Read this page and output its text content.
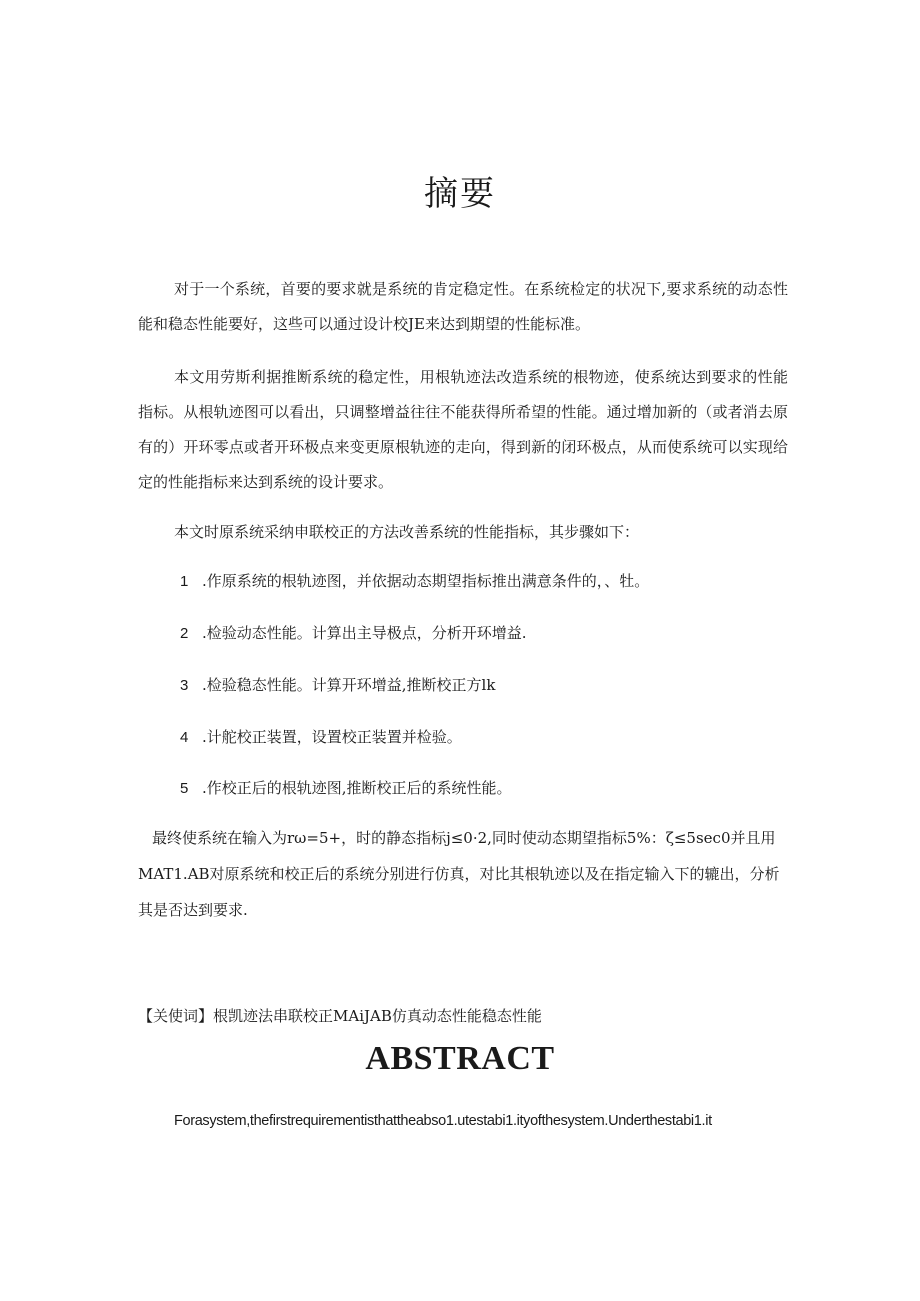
摘要

对于一个系统，首要的要求就是系统的肯定稳定性。在系统检定的状况下,要求系统的动态性能和稳态性能要好，这些可以通过设计校JE来达到期望的性能标准。

本文用劳斯利据推断系统的稳定性，用根轨迹法改造系统的根物迹，使系统达到要求的性能指标。从根轨迹图可以看出，只调整增益往往不能获得所希望的性能。通过增加新的（或者消去原有的）开环零点或者开环极点来变更原根轨迹的走向，得到新的闭环极点，从而使系统可以实现给定的性能指标来达到系统的设计要求。

本文时原系统采纳申联校正的方法改善系统的性能指标，其步骤如下：

1 .作原系统的根轨迹图，并依据动态期望指标推出满意条件的，、牡。
2 .检验动态性能。计算出主导极点，分析开环增益.
3 .检验稳态性能。计算开环增益,推断校正方lk
4 .计舵校正装置，设置校正装置并检验。
5 .作校正后的根轨迹图,推断校正后的系统性能。

最终使系统在输入为rω=5+，时的静态指标j≤0·2,同时使动态期望指标5%：ζ≤5sec0并且用MAT1.AB对原系统和校正后的系统分别进行仿真，对比其根轨迹以及在指定输入下的辘出，分析其是否达到要求.

【关使词】根凯迹法串联校正MAiJAB仿真动态性能稳态性能
ABSTRACT
Forasystem,thefirstrequirementisthattheabso1.utestabi1.ityofthesystem.Underthestabi1.it
